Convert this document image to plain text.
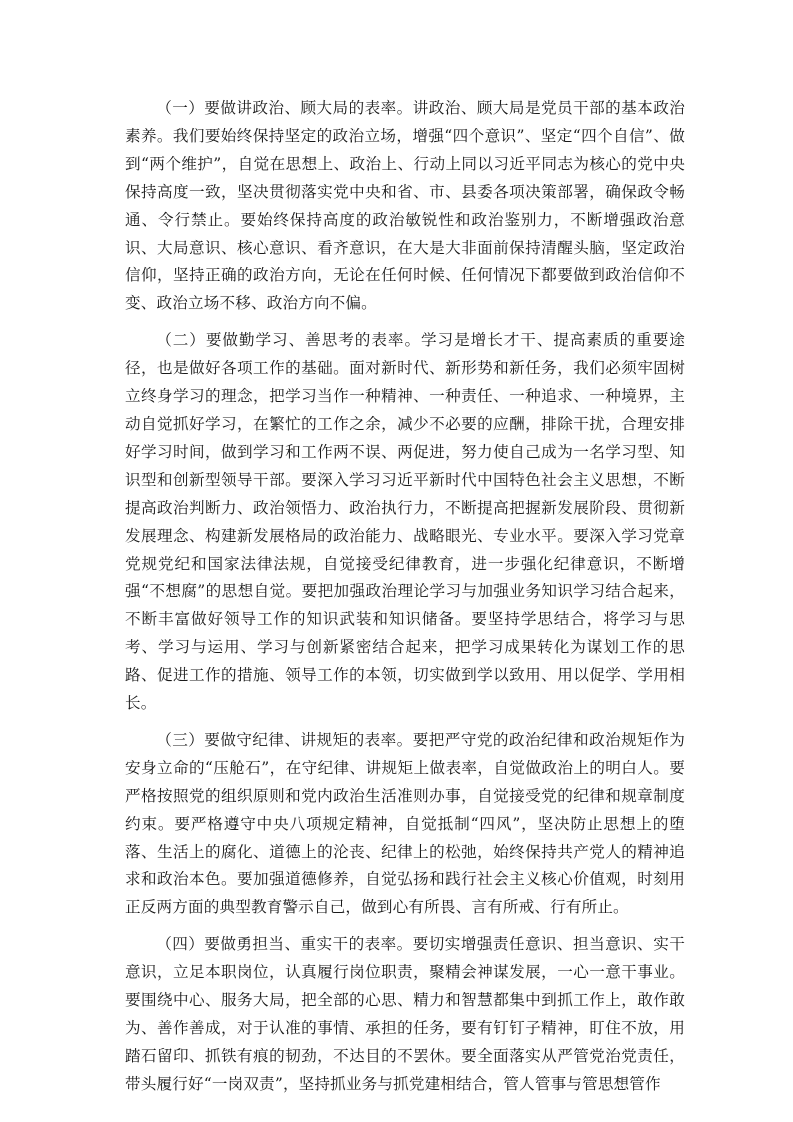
（一）要做讲政治、顾大局的表率。讲政治、顾大局是党员干部的基本政治素养。我们要始终保持坚定的政治立场，增强“四个意识”、坚定“四个自信”、做到“两个维护”，自觉在思想上、政治上、行动上同以习近平同志为核心的党中央保持高度一致，坚决贯彻落实党中央和省、市、县委各项决策部署，确保政令畅通、令行禁止。要始终保持高度的政治敏锐性和政治鉴别力，不断增强政治意识、大局意识、核心意识、看齐意识，在大是大非面前保持清醒头脑，坚定政治信仰，坚持正确的政治方向，无论在任何时候、任何情况下都要做到政治信仰不变、政治立场不移、政治方向不偏。

（二）要做勤学习、善思考的表率。学习是增长才干、提高素质的重要途径，也是做好各项工作的基础。面对新时代、新形势和新任务，我们必须牢固树立终身学习的理念，把学习当作一种精神、一种责任、一种追求、一种境界，主动自觉抓好学习，在繁忙的工作之余，减少不必要的应酬，排除干扰，合理安排好学习时间，做到学习和工作两不误、两促进，努力使自己成为一名学习型、知识型和创新型领导干部。要深入学习习近平新时代中国特色社会主义思想，不断提高政治判断力、政治领悟力、政治执行力，不断提高把握新发展阶段、贯彻新发展理念、构建新发展格局的政治能力、战略眼光、专业水平。要深入学习党章党规党纪和国家法律法规，自觉接受纪律教育，进一步强化纪律意识，不断增强“不想腐”的思想自觉。要把加强政治理论学习与加强业务知识学习结合起来，不断丰富做好领导工作的知识武装和知识储备。要坚持学思结合，将学习与思考、学习与运用、学习与创新紧密结合起来，把学习成果转化为谋划工作的思路、促进工作的措施、领导工作的本领，切实做到学以致用、用以促学、学用相长。

（三）要做守纪律、讲规矩的表率。要把严守党的政治纪律和政治规矩作为安身立命的“压舱石”，在守纪律、讲规矩上做表率，自觉做政治上的明白人。要严格按照党的组织原则和党内政治生活准则办事，自觉接受党的纪律和规章制度约束。要严格遵守中央八项规定精神，自觉抵制“四风”，坚决防止思想上的堕落、生活上的腐化、道德上的沦丧、纪律上的松弛，始终保持共产党人的精神追求和政治本色。要加强道德修养，自觉弘扬和践行社会主义核心价值观，时刻用正反两方面的典型教育警示自己，做到心有所畏、言有所戒、行有所止。

（四）要做勇担当、重实干的表率。要切实增强责任意识、担当意识、实干意识，立足本职岗位，认真履行岗位职责，聚精会神谋发展，一心一意干事业。要围绕中心、服务大局，把全部的心思、精力和智慧都集中到抓工作上，敢作敢为、善作善成，对于认准的事情、承担的任务，要有钉钉子精神，盯住不放，用踏石留印、抓铁有痕的韧劲，不达目的不罢休。要全面落实从严管党治党责任，带头履行好“一岗双责”，坚持抓业务与抓党建相结合，管人管事与管思想管作
